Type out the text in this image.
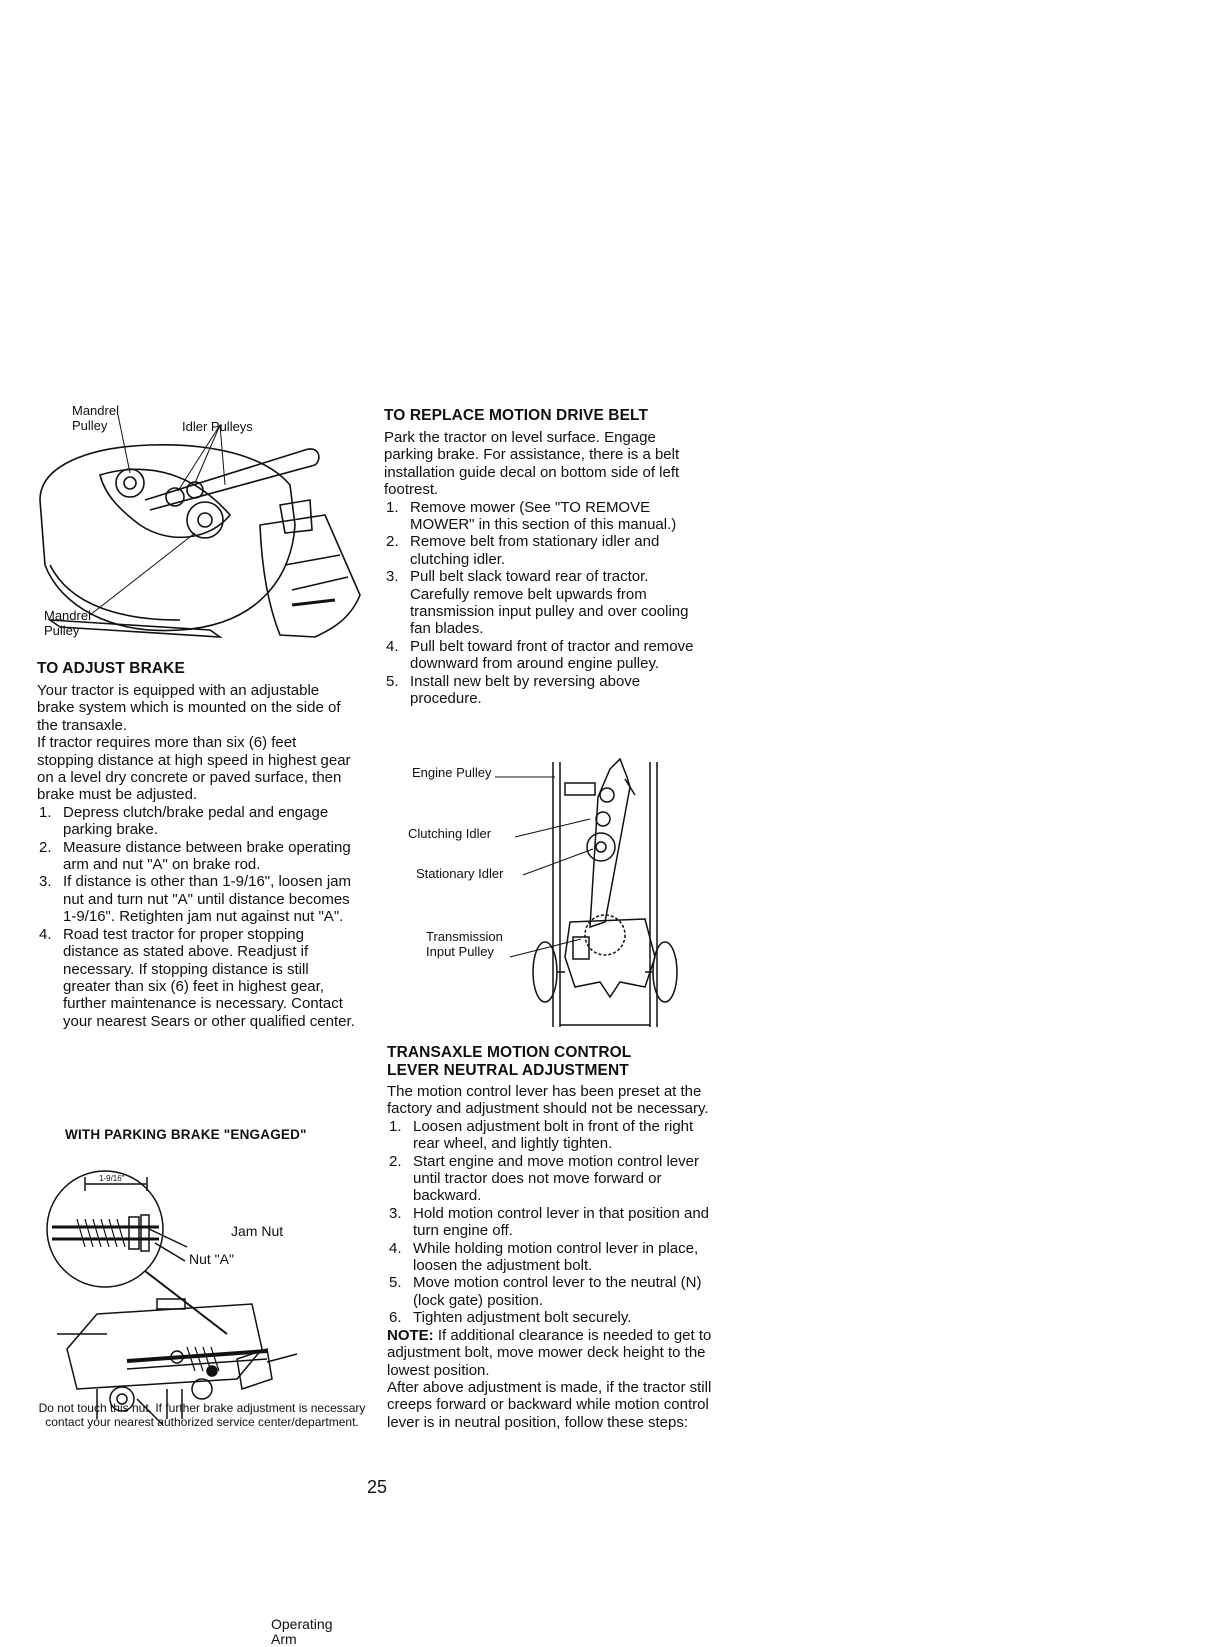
Mandrel
Pulley	Idler Pulleys
Mandrel
Pulley
TO ADJUST BRAKE
Your tractor is equipped with an adjustable brake system which is mounted on the side of the transaxle.
If tractor requires more than six (6) feet stopping distance at high speed in highest gear on a level dry concrete or paved surface, then brake must be adjusted.
1. Depress clutch/brake pedal and engage parking brake.
2. Measure distance between brake operating arm and nut "A" on brake rod.
3. If distance is other than 1-9/16", loosen jam nut and turn nut "A" until distance becomes 1-9/16". Retighten jam nut against nut "A".
4. Road test tractor for proper stopping distance as stated above. Readjust if necessary. If stopping distance is still greater than six (6) feet in highest gear, further maintenance is necessary. Contact your nearest Sears or other qualified center.
WITH PARKING BRAKE "ENGAGED"
1-9/16"
Jam Nut
Nut "A"
Operating
Arm
Do not touch this nut. If further brake adjustment is necessary contact your nearest authorized service center/department.
TO REPLACE MOTION DRIVE BELT
Park the tractor on level surface. Engage parking brake. For assistance, there is a belt installation guide decal on bottom side of left footrest.
1. Remove mower (See "TO REMOVE MOWER" in this section of this manual.)
2. Remove belt from stationary idler and clutching idler.
3. Pull belt slack toward rear of tractor. Carefully remove belt upwards from transmission input pulley and over cooling fan blades.
4. Pull belt toward front of tractor and remove downward from around engine pulley.
5. Install new belt by reversing above procedure.
Engine Pulley
Clutching Idler
Stationary Idler
Transmission
Input Pulley
TRANSAXLE MOTION CONTROL
LEVER NEUTRAL ADJUSTMENT
The motion control lever has been preset at the factory and adjustment should not be necessary.
1. Loosen adjustment bolt in front of the right rear wheel, and lightly tighten.
2. Start engine and move motion control lever until tractor does not move forward or backward.
3. Hold motion control lever in that position and turn engine off.
4. While holding motion control lever in place, loosen the adjustment bolt.
5. Move motion control lever to the neutral (N) (lock gate) position.
6. Tighten adjustment bolt securely.
NOTE: If additional clearance is needed to get to adjustment bolt, move mower deck height to the lowest position.
After above adjustment is made, if the tractor still creeps forward or backward while motion control lever is in neutral position, follow these steps:
25
